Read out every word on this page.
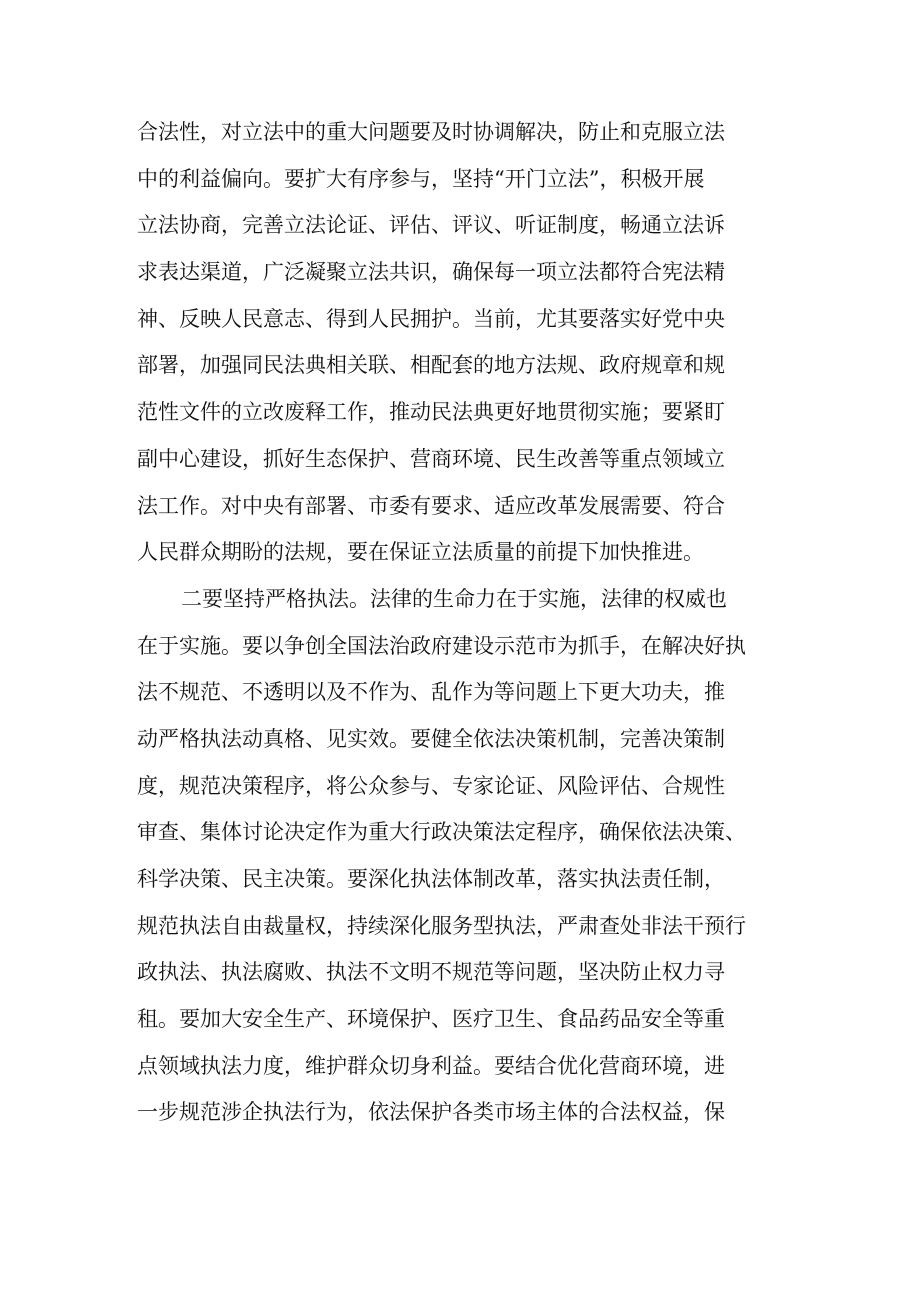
合法性，对立法中的重大问题要及时协调解决，防止和克服立法
中的利益偏向。要扩大有序参与，坚持“开门立法”，积极开展
立法协商，完善立法论证、评估、评议、听证制度，畅通立法诉
求表达渠道，广泛凝聚立法共识，确保每一项立法都符合宪法精
神、反映人民意志、得到人民拥护。当前，尤其要落实好党中央
部署，加强同民法典相关联、相配套的地方法规、政府规章和规
范性文件的立改废释工作，推动民法典更好地贯彻实施；要紧盯
副中心建设，抓好生态保护、营商环境、民生改善等重点领域立
法工作。对中央有部署、市委有要求、适应改革发展需要、符合
人民群众期盼的法规，要在保证立法质量的前提下加快推进。
二要坚持严格执法。法律的生命力在于实施，法律的权威也
在于实施。要以争创全国法治政府建设示范市为抓手，在解决好执
法不规范、不透明以及不作为、乱作为等问题上下更大功夫，推
动严格执法动真格、见实效。要健全依法决策机制，完善决策制
度，规范决策程序，将公众参与、专家论证、风险评估、合规性
审查、集体讨论决定作为重大行政决策法定程序，确保依法决策、
科学决策、民主决策。要深化执法体制改革，落实执法责任制，
规范执法自由裁量权，持续深化服务型执法，严肃查处非法干预行
政执法、执法腐败、执法不文明不规范等问题，坚决防止权力寻
租。要加大安全生产、环境保护、医疗卫生、食品药品安全等重
点领域执法力度，维护群众切身利益。要结合优化营商环境，进
一步规范涉企执法行为，依法保护各类市场主体的合法权益，保
